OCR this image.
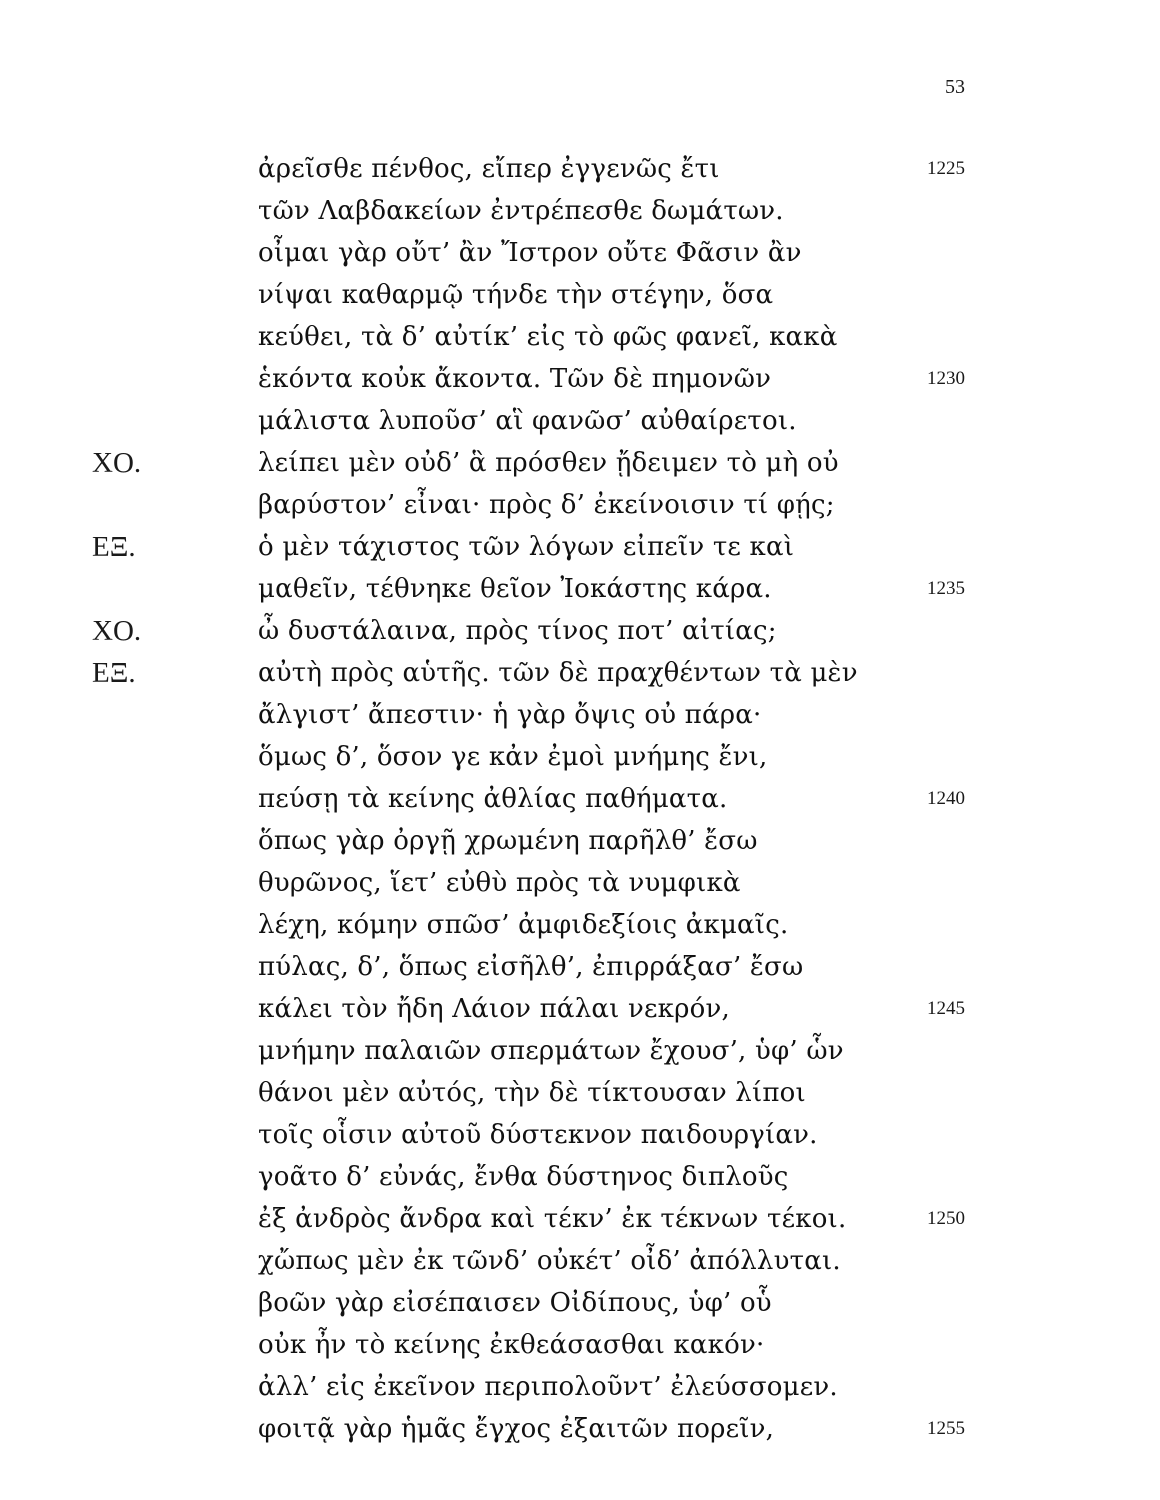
53
ἀρεῖσθε πένθος, εἴπερ ἐγγενῶς ἔτι	1225
τῶν Λαβδακείων ἐντρέπεσθε δωμάτων.
οἶμαι γὰρ οὔτ’ ἂν Ἴστρον οὔτε Φᾶσιν ἂν
νίψαι καθαρμῷ τήνδε τὴν στέγην, ὅσα
κεύθει, τὰ δ’ αὐτίκ’ εἰς τὸ φῶς φανεῖ, κακὰ
ἑκόντα κοὐκ ἄκοντα. Τῶν δὲ πημονῶν	1230
μάλιστα λυποῦσ’ αἳ φανῶσ’ αὐθαίρετοι.
ΧΟ.	λείπει μὲν οὐδ’ ἃ πρόσθεν ᾔδειμεν τὸ μὴ οὐ
βαρύστον’ εἶναι· πρὸς δ’ ἐκείνοισιν τί φῄς;
ΕΞ.	ὁ μὲν τάχιστος τῶν λόγων εἰπεῖν τε καὶ
μαθεῖν, τέθνηκε θεῖον Ἰοκάστης κάρα.	1235
ΧΟ.	ὦ δυστάλαινα, πρὸς τίνος ποτ’ αἰτίας;
ΕΞ.	αὐτὴ πρὸς αὑτῆς. τῶν δὲ πραχθέντων τὰ μὲν
ἄλγιστ’ ἄπεστιν· ἡ γὰρ ὄψις οὐ πάρα·
ὅμως δ’, ὅσον γε κἀν ἐμοὶ μνήμης ἔνι,
πεύσῃ τὰ κείνης ἀθλίας παθήματα.	1240
ὅπως γὰρ ὀργῇ χρωμένη παρῆλθ’ ἔσω
θυρῶνος, ἵετ’ εὐθὺ πρὸς τὰ νυμφικὰ
λέχη, κόμην σπῶσ’ ἀμφιδεξίοις ἀκμαῖς.
πύλας, δ’, ὅπως εἰσῆλθ’, ἐπιρράξασ’ ἔσω
κάλει τὸν ἤδη Λάιον πάλαι νεκρόν,	1245
μνήμην παλαιῶν σπερμάτων ἔχουσ’, ὑφ’ ὧν
θάνοι μὲν αὐτός, τὴν δὲ τίκτουσαν λίποι
τοῖς οἷσιν αὐτοῦ δύστεκνον παιδουργίαν.
γοᾶτο δ’ εὐνάς, ἔνθα δύστηνος διπλοῦς
ἐξ ἀνδρὸς ἄνδρα καὶ τέκν’ ἐκ τέκνων τέκοι.	1250
χὤπως μὲν ἐκ τῶνδ’ οὐκέτ’ οἶδ’ ἀπόλλυται.
βοῶν γὰρ εἰσέπαισεν Οἰδίπους, ὑφ’ οὗ
οὐκ ἦν τὸ κείνης ἐκθεάσασθαι κακόν·
ἀλλ’ εἰς ἐκεῖνον περιπολοῦντ’ ἐλεύσσομεν.
φοιτᾷ γὰρ ἡμᾶς ἔγχος ἐξαιτῶν πορεῖν,	1255
